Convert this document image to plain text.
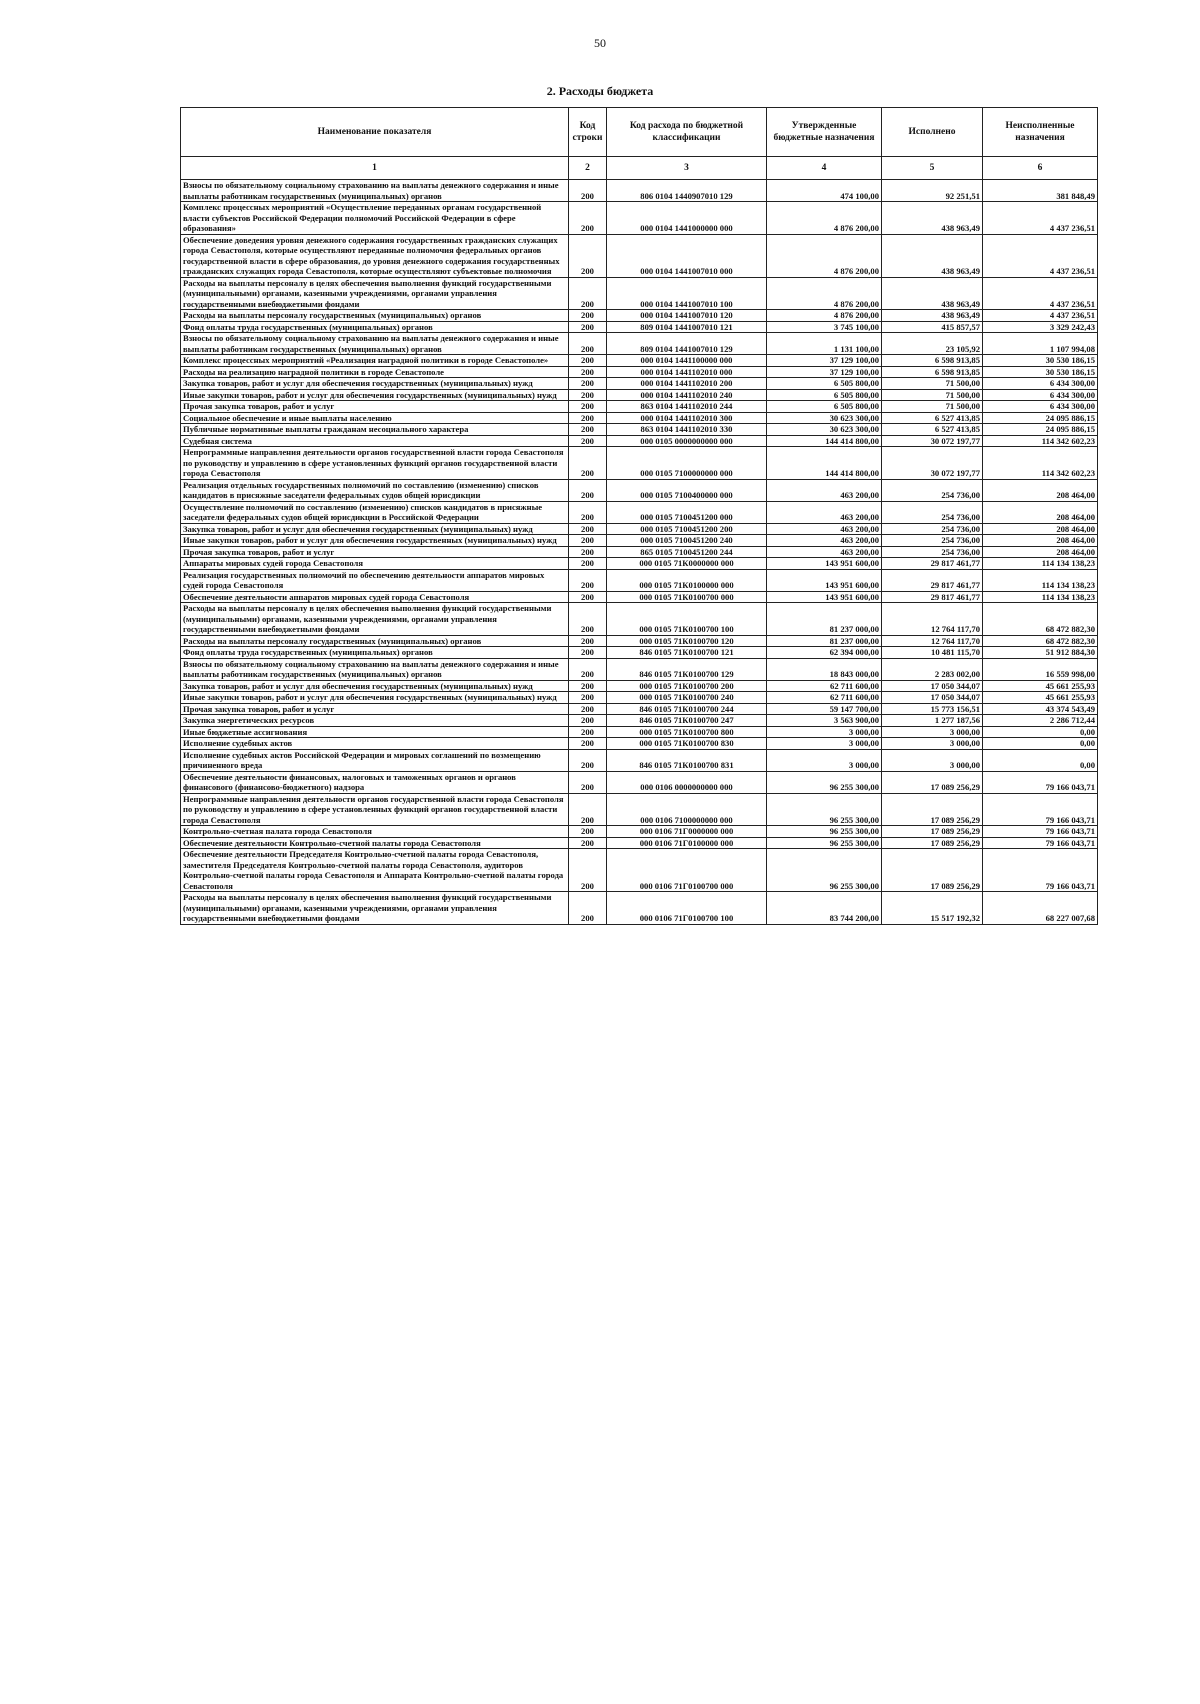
50
2. Расходы бюджета
Наименование показателя	Код строки	Код расхода по бюджетной классификации	Утвержденные бюджетные назначения	Исполнено	Неисполненные назначения
1	2	3	4	5	6
Взносы по обязательному социальному страхованию на выплаты денежного содержания и иные выплаты работникам государственных (муниципальных) органов	200	806 0104 1440907010 129	474 100,00	92 251,51	381 848,49
Комплекс процессных мероприятий «Осуществление переданных органам государственной власти субъектов Российской Федерации полномочий Российской Федерации в сфере образования»	200	000 0104 1441000000 000	4 876 200,00	438 963,49	4 437 236,51
Обеспечение доведения уровня денежного содержания государственных гражданских служащих города Севастополя, которые осуществляют переданные полномочия федеральных органов государственной власти в сфере образования, до уровня денежного содержания государственных гражданских служащих города Севастополя, которые осуществляют субъектовые полномочия	200	000 0104 1441007010 000	4 876 200,00	438 963,49	4 437 236,51
Расходы на выплаты персоналу в целях обеспечения выполнения функций государственными (муниципальными) органами, казенными учреждениями, органами управления государственными внебюджетными фондами	200	000 0104 1441007010 100	4 876 200,00	438 963,49	4 437 236,51
Расходы на выплаты персоналу государственных (муниципальных) органов	200	000 0104 1441007010 120	4 876 200,00	438 963,49	4 437 236,51
Фонд оплаты труда государственных (муниципальных) органов	200	809 0104 1441007010 121	3 745 100,00	415 857,57	3 329 242,43
Взносы по обязательному социальному страхованию на выплаты денежного содержания и иные выплаты работникам государственных (муниципальных) органов	200	809 0104 1441007010 129	1 131 100,00	23 105,92	1 107 994,08
Комплекс процессных мероприятий «Реализация наградной политики в городе Севастополе»	200	000 0104 1441100000 000	37 129 100,00	6 598 913,85	30 530 186,15
Расходы на реализацию наградной политики в городе Севастополе	200	000 0104 1441102010 000	37 129 100,00	6 598 913,85	30 530 186,15
Закупка товаров, работ и услуг для обеспечения государственных (муниципальных) нужд	200	000 0104 1441102010 200	6 505 800,00	71 500,00	6 434 300,00
Иные закупки товаров, работ и услуг для обеспечения государственных (муниципальных) нужд	200	000 0104 1441102010 240	6 505 800,00	71 500,00	6 434 300,00
Прочая закупка товаров, работ и услуг	200	863 0104 1441102010 244	6 505 800,00	71 500,00	6 434 300,00
Социальное обеспечение и иные выплаты населению	200	000 0104 1441102010 300	30 623 300,00	6 527 413,85	24 095 886,15
Публичные нормативные выплаты гражданам несоциального характера	200	863 0104 1441102010 330	30 623 300,00	6 527 413,85	24 095 886,15
Судебная система	200	000 0105 0000000000 000	144 414 800,00	30 072 197,77	114 342 602,23
Непрограммные направления деятельности органов государственной власти города Севастополя по руководству и управлению в сфере установленных функций органов государственной власти города Севастополя	200	000 0105 7100000000 000	144 414 800,00	30 072 197,77	114 342 602,23
Реализация отдельных государственных полномочий по составлению (изменению) списков кандидатов в присяжные заседатели федеральных судов общей юрисдикции	200	000 0105 7100400000 000	463 200,00	254 736,00	208 464,00
Осуществление полномочий по составлению (изменению) списков кандидатов в присяжные заседатели федеральных судов общей юрисдикции в Российской Федерации	200	000 0105 7100451200 000	463 200,00	254 736,00	208 464,00
Закупка товаров, работ и услуг для обеспечения государственных (муниципальных) нужд	200	000 0105 7100451200 200	463 200,00	254 736,00	208 464,00
Иные закупки товаров, работ и услуг для обеспечения государственных (муниципальных) нужд	200	000 0105 7100451200 240	463 200,00	254 736,00	208 464,00
Прочая закупка товаров, работ и услуг	200	865 0105 7100451200 244	463 200,00	254 736,00	208 464,00
Аппараты мировых судей города Севастополя	200	000 0105 71К0000000 000	143 951 600,00	29 817 461,77	114 134 138,23
Реализация государственных полномочий по обеспечению деятельности аппаратов мировых судей города Севастополя	200	000 0105 71К0100000 000	143 951 600,00	29 817 461,77	114 134 138,23
Обеспечение деятельности аппаратов мировых судей города Севастополя	200	000 0105 71К0100700 000	143 951 600,00	29 817 461,77	114 134 138,23
Расходы на выплаты персоналу в целях обеспечения выполнения функций государственными (муниципальными) органами, казенными учреждениями, органами управления государственными внебюджетными фондами	200	000 0105 71К0100700 100	81 237 000,00	12 764 117,70	68 472 882,30
Расходы на выплаты персоналу государственных (муниципальных) органов	200	000 0105 71К0100700 120	81 237 000,00	12 764 117,70	68 472 882,30
Фонд оплаты труда государственных (муниципальных) органов	200	846 0105 71К0100700 121	62 394 000,00	10 481 115,70	51 912 884,30
Взносы по обязательному социальному страхованию на выплаты денежного содержания и иные выплаты работникам государственных (муниципальных) органов	200	846 0105 71К0100700 129	18 843 000,00	2 283 002,00	16 559 998,00
Закупка товаров, работ и услуг для обеспечения государственных (муниципальных) нужд	200	000 0105 71К0100700 200	62 711 600,00	17 050 344,07	45 661 255,93
Иные закупки товаров, работ и услуг для обеспечения государственных (муниципальных) нужд	200	000 0105 71К0100700 240	62 711 600,00	17 050 344,07	45 661 255,93
Прочая закупка товаров, работ и услуг	200	846 0105 71К0100700 244	59 147 700,00	15 773 156,51	43 374 543,49
Закупка энергетических ресурсов	200	846 0105 71К0100700 247	3 563 900,00	1 277 187,56	2 286 712,44
Иные бюджетные ассигнования	200	000 0105 71К0100700 800	3 000,00	3 000,00	0,00
Исполнение судебных актов	200	000 0105 71К0100700 830	3 000,00	3 000,00	0,00
Исполнение судебных актов Российской Федерации и мировых соглашений по возмещению причиненного вреда	200	846 0105 71К0100700 831	3 000,00	3 000,00	0,00
Обеспечение деятельности финансовых, налоговых и таможенных органов и органов финансового (финансово-бюджетного) надзора	200	000 0106 0000000000 000	96 255 300,00	17 089 256,29	79 166 043,71
Непрограммные направления деятельности органов государственной власти города Севастополя по руководству и управлению в сфере установленных функций органов государственной власти города Севастополя	200	000 0106 7100000000 000	96 255 300,00	17 089 256,29	79 166 043,71
Контрольно-счетная палата города Севастополя	200	000 0106 71Г0000000 000	96 255 300,00	17 089 256,29	79 166 043,71
Обеспечение деятельности Контрольно-счетной палаты города Севастополя	200	000 0106 71Г0100000 000	96 255 300,00	17 089 256,29	79 166 043,71
Обеспечение деятельности Председателя Контрольно-счетной палаты города Севастополя, заместителя Председателя Контрольно-счетной палаты города Севастополя, аудиторов Контрольно-счетной палаты города Севастополя и Аппарата Контрольно-счетной палаты города Севастополя	200	000 0106 71Г0100700 000	96 255 300,00	17 089 256,29	79 166 043,71
Расходы на выплаты персоналу в целях обеспечения выполнения функций государственными (муниципальными) органами, казенными учреждениями, органами управления государственными внебюджетными фондами	200	000 0106 71Г0100700 100	83 744 200,00	15 517 192,32	68 227 007,68
